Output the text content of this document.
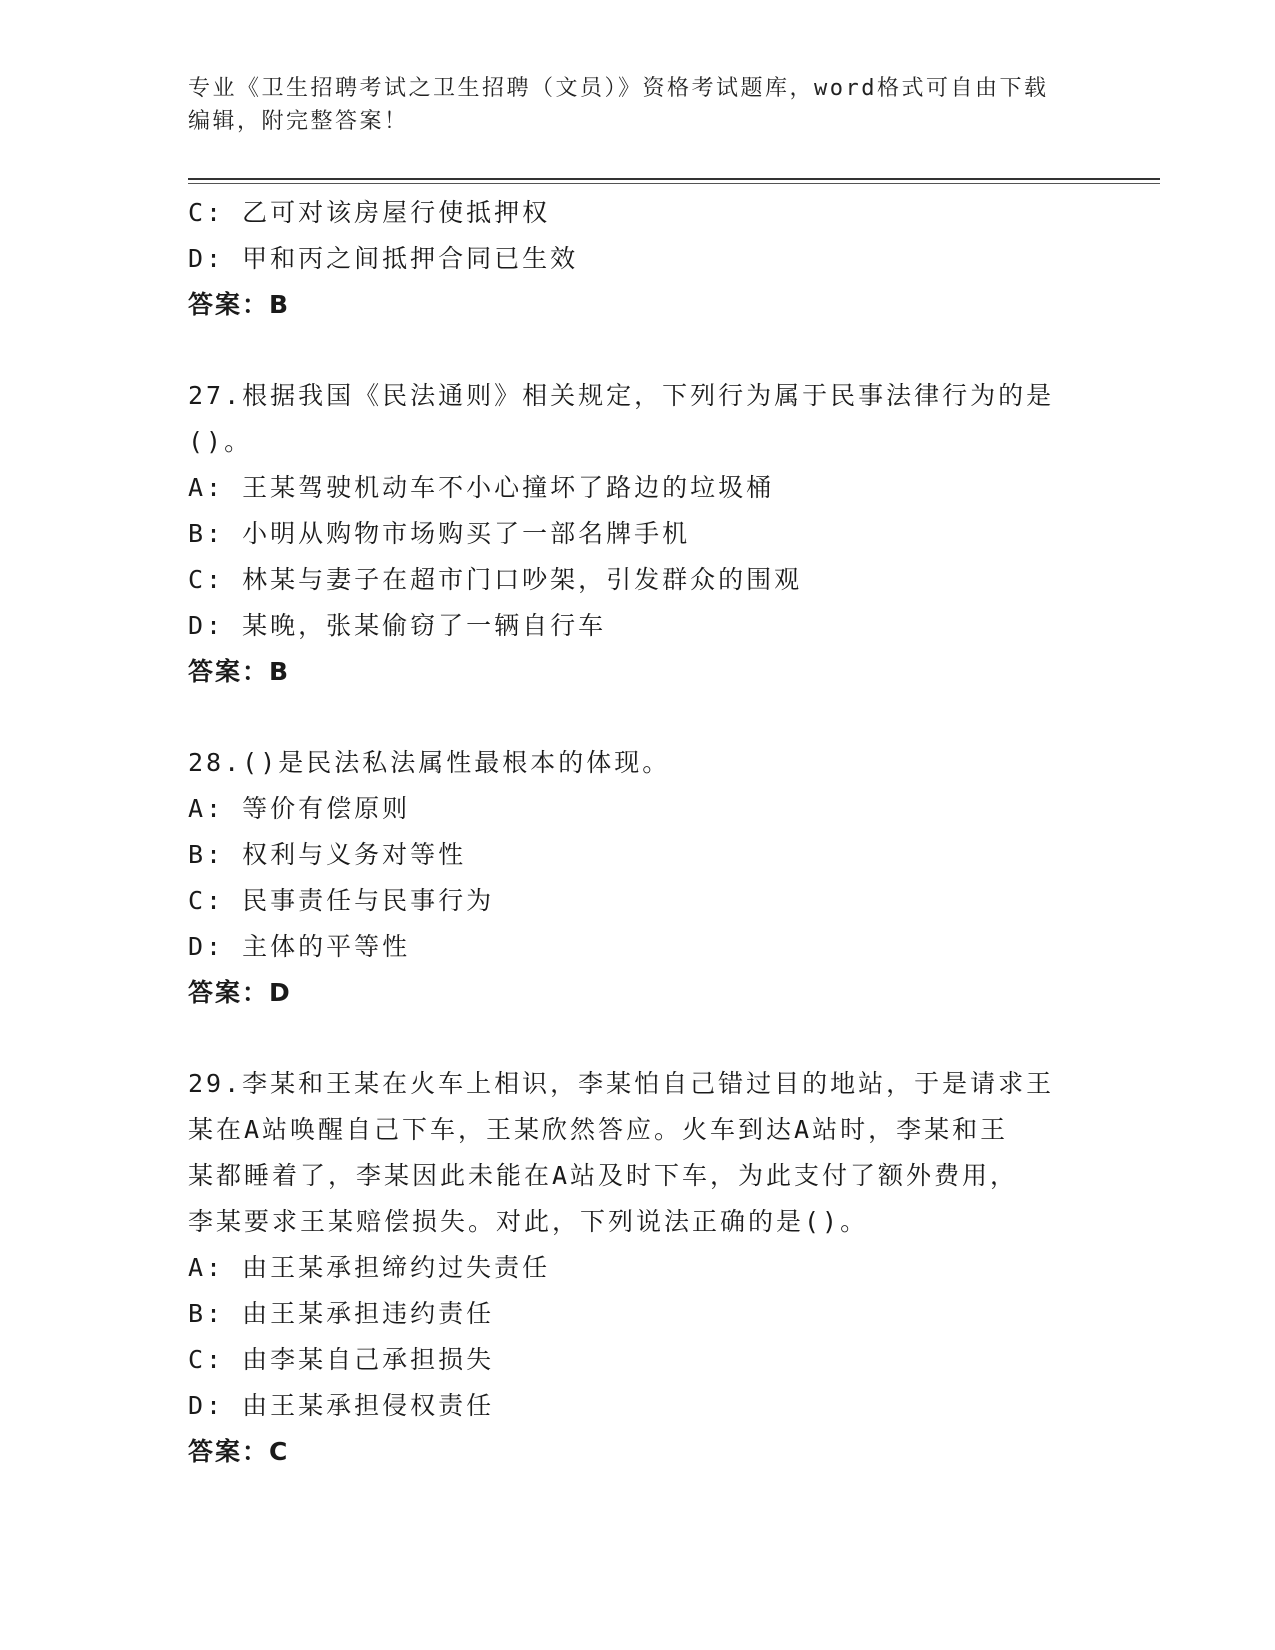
专业《卫生招聘考试之卫生招聘（文员）》资格考试题库，word格式可自由下载
编辑，附完整答案！
C: 乙可对该房屋行使抵押权
D: 甲和丙之间抵押合同已生效
答案：B
27.根据我国《民法通则》相关规定，下列行为属于民事法律行为的是
()。
A: 王某驾驶机动车不小心撞坏了路边的垃圾桶
B: 小明从购物市场购买了一部名牌手机
C: 林某与妻子在超市门口吵架，引发群众的围观
D: 某晚，张某偷窃了一辆自行车
答案：B
28.()是民法私法属性最根本的体现。
A: 等价有偿原则
B: 权利与义务对等性
C: 民事责任与民事行为
D: 主体的平等性
答案：D
29.李某和王某在火车上相识，李某怕自己错过目的地站，于是请求王
某在A站唤醒自己下车，王某欣然答应。火车到达A站时，李某和王
某都睡着了，李某因此未能在A站及时下车，为此支付了额外费用，
李某要求王某赔偿损失。对此，下列说法正确的是()。
A: 由王某承担缔约过失责任
B: 由王某承担违约责任
C: 由李某自己承担损失
D: 由王某承担侵权责任
答案：C
